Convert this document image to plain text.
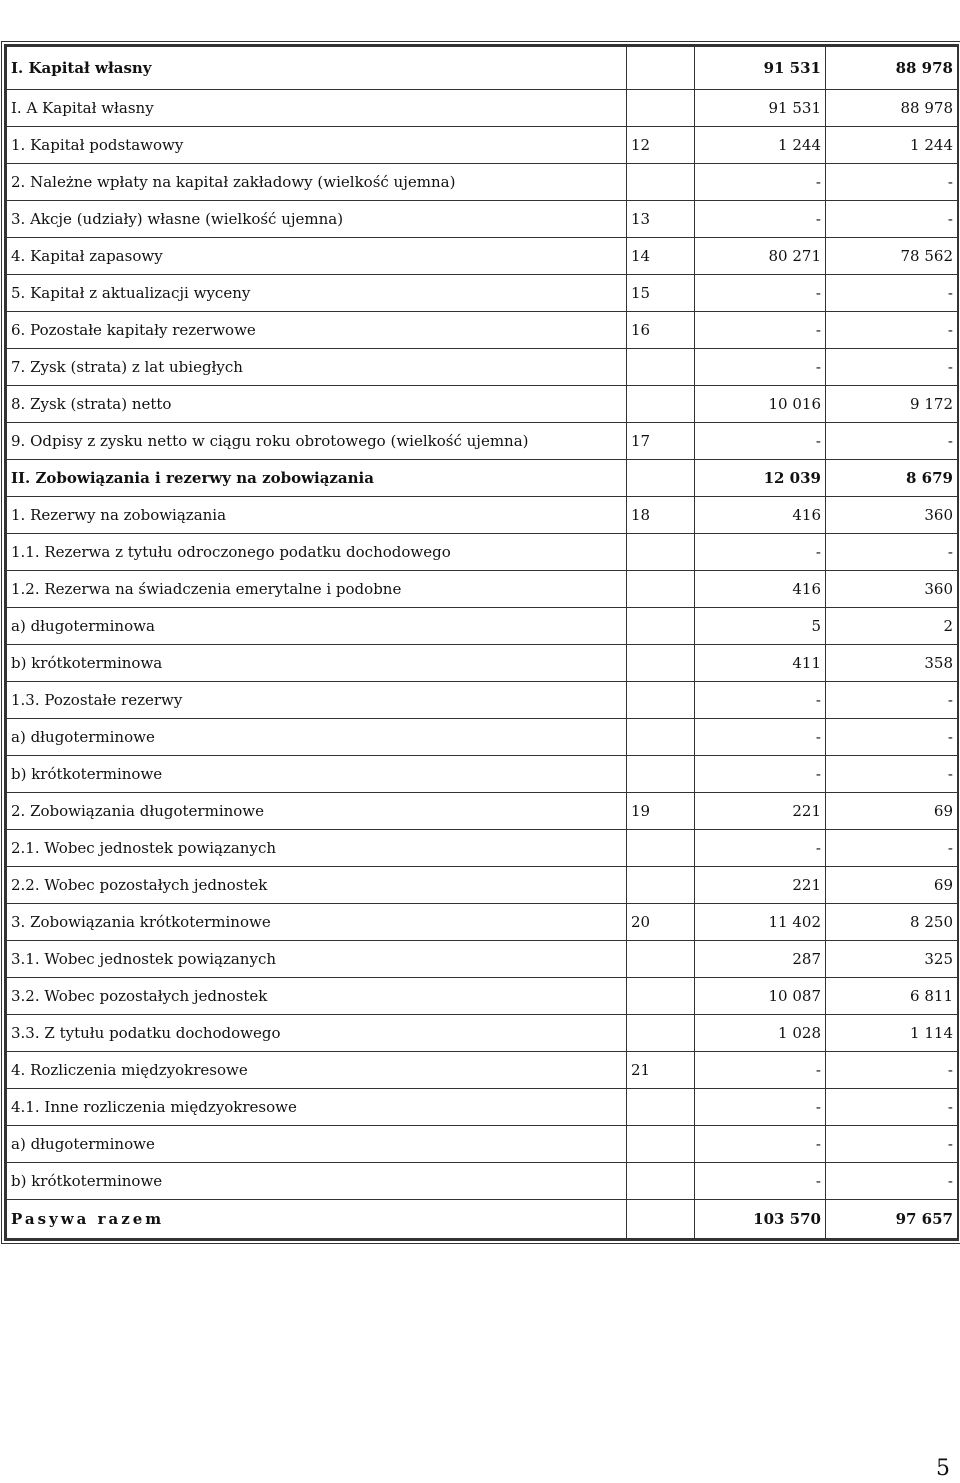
I. Kapitał własny		91 531	88 978
I. A Kapitał własny		91 531	88 978
1. Kapitał podstawowy	12	1 244	1 244
2. Należne wpłaty na kapitał zakładowy (wielkość ujemna)		-	-
3. Akcje (udziały) własne (wielkość ujemna)	13	-	-
4. Kapitał zapasowy	14	80 271	78 562
5. Kapitał z aktualizacji wyceny	15	-	-
6. Pozostałe kapitały rezerwowe	16	-	-
7. Zysk (strata) z lat ubiegłych		-	-
8. Zysk (strata) netto		10 016	9 172
9. Odpisy z zysku netto w ciągu roku obrotowego (wielkość ujemna)	17	-	-
II. Zobowiązania i rezerwy na zobowiązania		12 039	8 679
1. Rezerwy na zobowiązania	18	416	360
1.1. Rezerwa z tytułu odroczonego podatku dochodowego		-	-
1.2. Rezerwa na świadczenia emerytalne i podobne		416	360
a) długoterminowa		5	2
b) krótkoterminowa		411	358
1.3. Pozostałe rezerwy		-	-
a) długoterminowe		-	-
b) krótkoterminowe		-	-
2. Zobowiązania długoterminowe	19	221	69
2.1. Wobec jednostek powiązanych		-	-
2.2. Wobec pozostałych jednostek		221	69
3. Zobowiązania krótkoterminowe	20	11 402	8 250
3.1. Wobec jednostek powiązanych		287	325
3.2. Wobec pozostałych jednostek		10 087	6 811
3.3. Z tytułu podatku dochodowego		1 028	1 114
4. Rozliczenia międzyokresowe	21	-	-
4.1. Inne rozliczenia międzyokresowe		-	-
a) długoterminowe		-	-
b) krótkoterminowe		-	-
Pasywa razem		103 570	97 657
5
